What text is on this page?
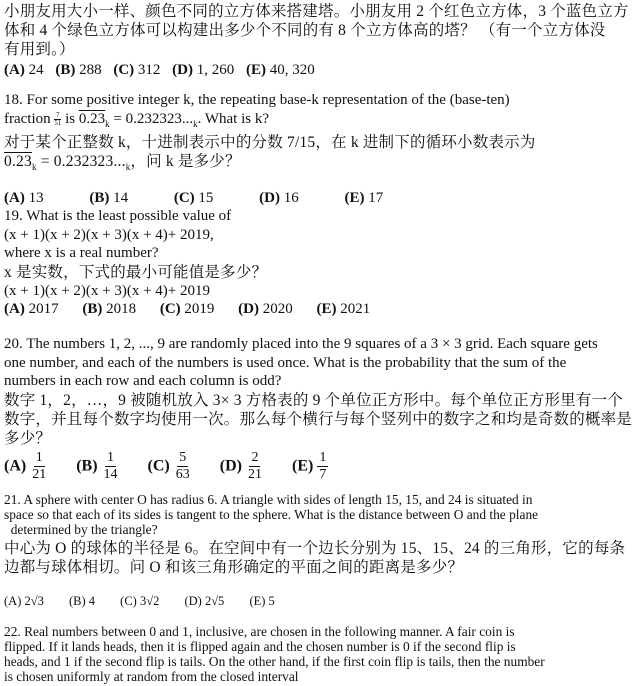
小朋友用大小一样、颜色不同的立方体来搭建塔。小朋友用 2 个红色立方体，3 个蓝色立方
体和 4 个绿色立方体可以构建出多少个不同的有 8 个立方体高的塔？ （有一个立方体没
有用到。）
(A) 24 (B) 288 (C) 312 (D) 1, 260 (E) 40, 320
18. For some positive integer k, the repeating base-k representation of the (base-ten)
fraction $\frac{7}{51}$ is $0.23_k = 0.232323..._k$. What is k?
对于某个正整数 k，十进制表示中的分数 7/15，在 k 进制下的循环小数表示为
$0.23_k = 0.232323..._k$，问 k 是多少？
(A) 13	(B) 14	(C) 15	(D) 16	(E) 17
19. What is the least possible value of
(x + 1)(x + 2)(x + 3)(x + 4)+ 2019,
where x is a real number?
x 是实数，下式的最小可能值是多少？
(x + 1)(x + 2)(x + 3)(x + 4)+ 2019
(A) 2017 (B) 2018 (C) 2019 (D) 2020 (E) 2021
20. The numbers 1, 2, ..., 9 are randomly placed into the 9 squares of a 3 × 3 grid. Each square gets
one number, and each of the numbers is used once. What is the probability that the sum of the
numbers in each row and each column is odd?
数字 1，2，…，9 被随机放入 3× 3 方格表的 9 个单位正方形中。每个单位正方形里有一个
数字，并且每个数字均使用一次。那么每个横行与每个竖列中的数字之和均是奇数的概率是
多少？
$(A) \frac{1}{21} (B) \frac{1}{14} (C) \frac{5}{63} (D) \frac{2}{21} (E) \frac{1}{7}$
21. A sphere with center O has radius 6. A triangle with sides of length 15, 15, and 24 is situated in
space so that each of its sides is tangent to the sphere. What is the distance between O and the plane
determined by the triangle?
中心为 O 的球体的半径是 6。在空间中有一个边长分别为 15、15、24 的三角形，它的每条
边都与球体相切。问 O 和该三角形确定的平面之间的距离是多少？
(A) 2√3 (B) 4 (C) 3√2 (D) 2√5 (E) 5
22. Real numbers between 0 and 1, inclusive, are chosen in the following manner. A fair coin is
flipped. If it lands heads, then it is flipped again and the chosen number is 0 if the second flip is
heads, and 1 if the second flip is tails. On the other hand, if the first coin flip is tails, then the number
is chosen uniformly at random from the closed interval
